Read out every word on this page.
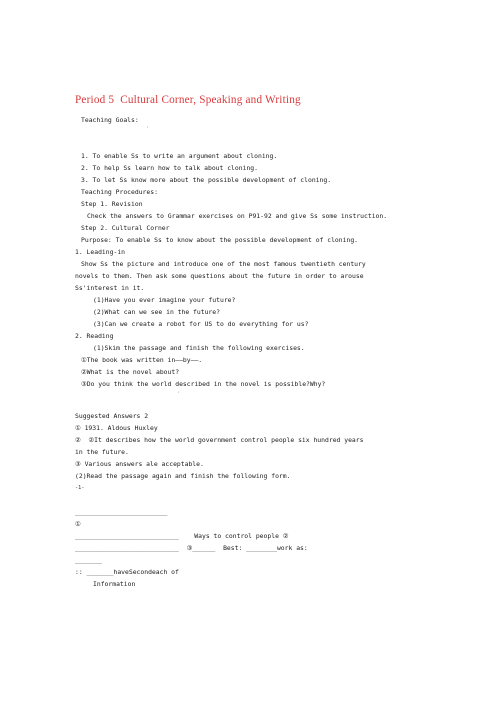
Period 5  Cultural Corner, Speaking and Writing
Teaching Goals:
·
1. To enable Ss to write an argument about cloning.
2. To help Ss learn how to talk about cloning.
3. To let Ss know more about the possible development of cloning.
Teaching Procedures:
Step 1. Revision
Check the answers to Grammar exercises on P91-92 and give Ss some instruction.
Step 2. Cultural Corner
Purpose: To enable Ss to know about the possible development of cloning.
1. Leading-in
Show Ss the picture and introduce one of the most famous twentieth century
novels to them. Then ask some questions about the future in order to arouse
Ss'interest in it.
(1)Have you ever imagine your future?
(2)What can we see in the future?
(3)Can we create a robot for US to do everything for us?
2. Reading
(1)Skim the passage and finish the following exercises.
①The book was written in——by——.
②What is the novel about?
③Do you think the world described in the novel is possible?Why?
·
Suggested Answers 2
① 1931. Aldous Huxley
②  ②It describes how the world government control people six hundred years
in the future.
③ Various answers ale acceptable.
(2)Read the passage again and finish the following form.
-1-
________________________
①
___________________________    Ways to control people ②
___________________________  ③______  Best: ________work as:
_______
:: _______haveSecondeach of
Information
